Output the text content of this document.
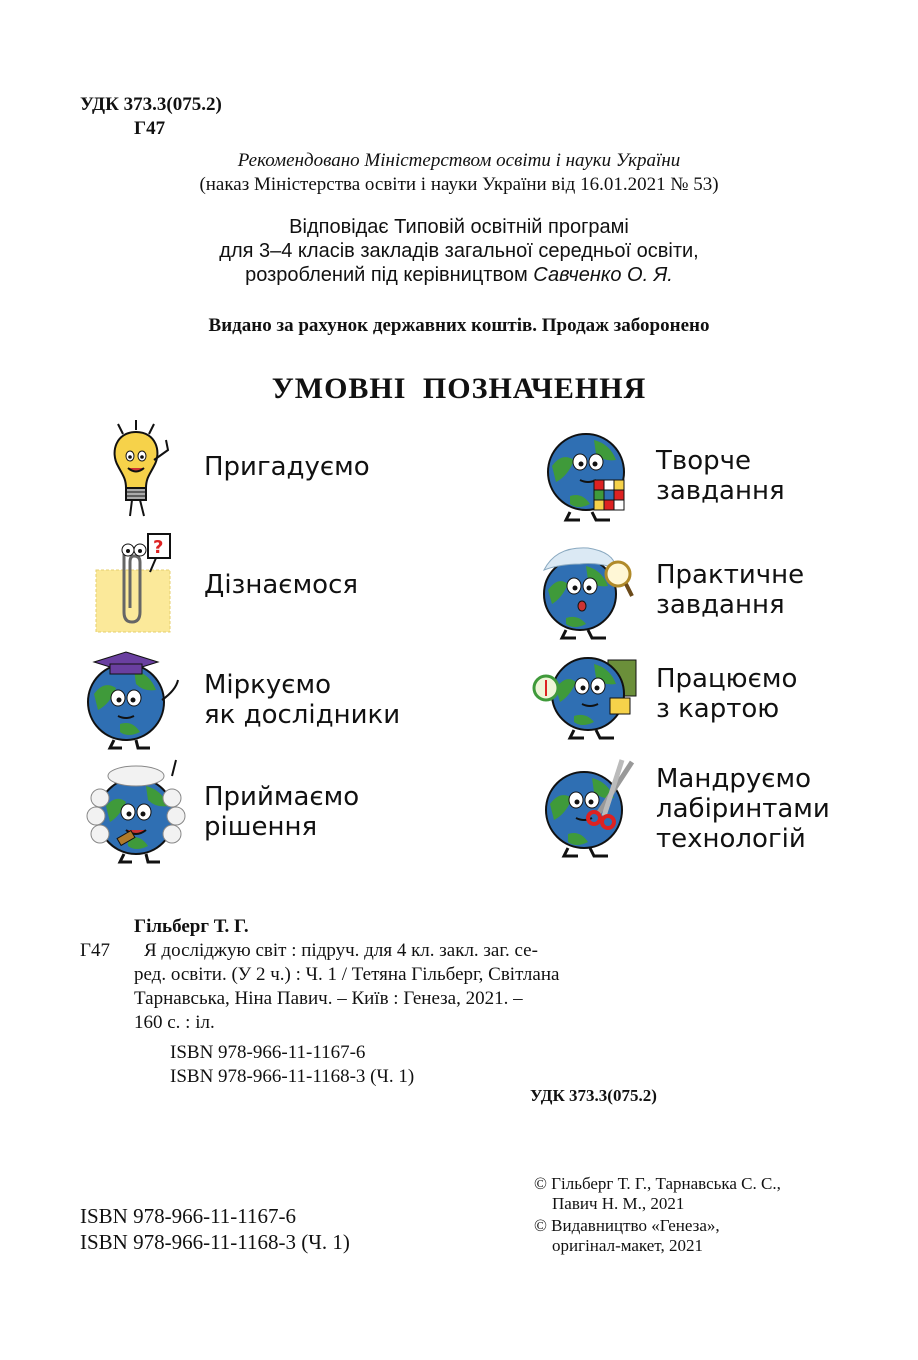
УДК 373.3(075.2)
Г47
Рекомендовано Міністерством освіти і науки України
(наказ Міністерства освіти і науки України від 16.01.2021 № 53)
Відповідає Типовій освітній програмі
для 3–4 класів закладів загальної середньої освіти,
розроблений під керівництвом Савченко О. Я.
Видано за рахунок державних коштів. Продаж заборонено
УМОВНІ ПОЗНАЧЕННЯ
Пригадуємо
?
Дізнаємося
Міркуємо
як дослідники
Приймаємо
рішення
Творче
завдання
Практичне
завдання
Працюємо
з картою
Мандруємо
лабіринтами
технологій
Гільберг Т. Г.
Г47 Я досліджую світ : підруч. для 4 кл. закл. заг. се-
ред. освіти. (У 2 ч.) : Ч. 1 / Тетяна Гільберг, Світлана
Тарнавська, Ніна Павич. – Київ : Генеза, 2021. –
160 с. : іл.
ISBN 978-966-11-1167-6
ISBN 978-966-11-1168-3 (Ч. 1)
УДК 373.3(075.2)
ISBN 978-966-11-1167-6
ISBN 978-966-11-1168-3 (Ч. 1)
© Гільберг Т. Г., Тарнавська С. С.,
Павич Н. М., 2021
© Видавництво «Генеза»,
оригінал-макет, 2021
